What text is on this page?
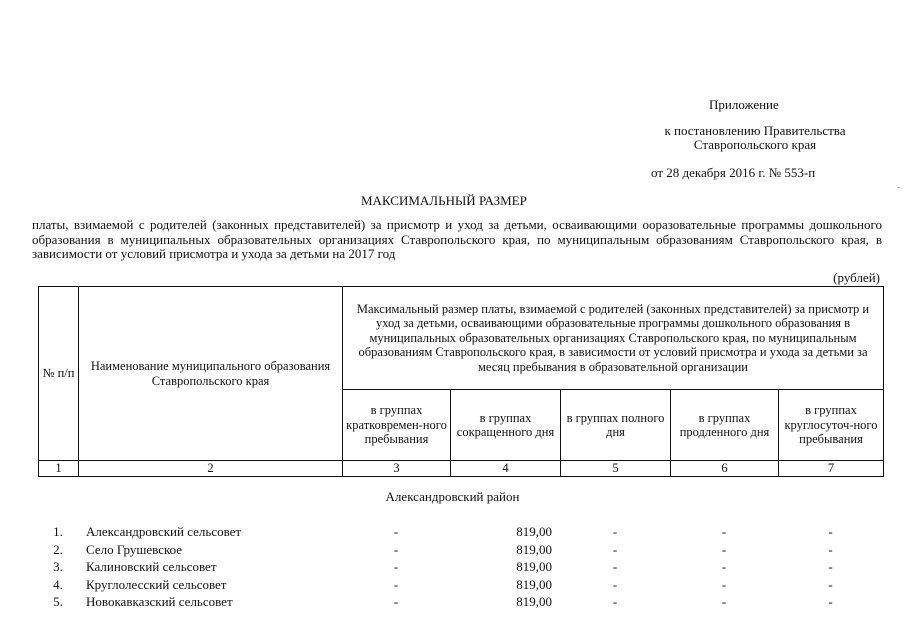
Приложение
к постановлению Правительства
Ставропольского края
от 28 декабря 2016 г. № 553-п
МАКСИМАЛЬНЫЙ РАЗМЕР
платы, взимаемой с родителей (законных представителей) за присмотр и уход за детьми, осваивающими ооразовательные программы дошкольного образования в муниципальных образовательных организациях Ставропольского края, по муниципальным образованиям Ставропольского края, в зависимости от условий присмотра и ухода за детьми на 2017 год
(рублей)
№ п/п	Наименование муниципального образования Ставропольского края	Максимальный размер платы, взимаемой с родителей (законных представителей) за присмотр и уход за детьми, осваивающими образовательные программы дошкольного образования в муниципальных образовательных организациях Ставропольского края, по муниципальным образованиям Ставропольского края, в зависимости от условий присмотра и ухода за детьми за месяц пребывания в образовательной организации				
		в группах кратковремен-ного пребывания	в группах сокращенного дня	в группах полного дня	в группах продленного дня	в группах круглосуточ-ного пребывания
1	2	3	4	5	6	7
Александровский район
1.	Александровский сельсовет	-	819,00	-	-	-
2.	Село Грушевское	-	819,00	-	-	-
3.	Калиновский сельсовет	-	819,00	-	-	-
4.	Круглолесский сельсовет	-	819,00	-	-	-
5.	Новокавказский сельсовет	-	819,00	-	-	-
